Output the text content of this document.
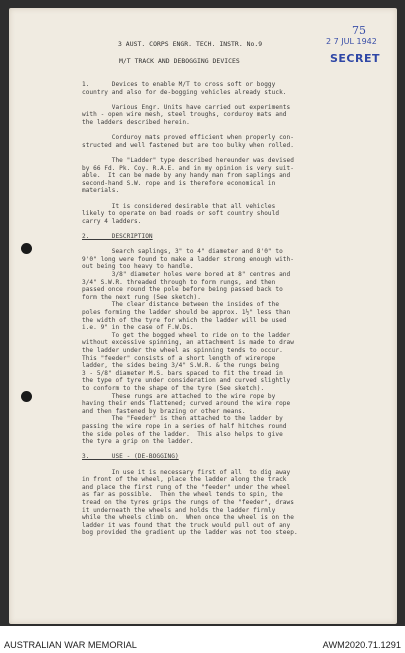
75
2 7 JUL 1942
SECRET
3 AUST. CORPS ENGR. TECH. INSTR. No.9
M/T TRACK AND DEBOGGING DEVICES
1.      Devices to enable M/T to cross soft or boggy
country and also for de-bogging vehicles already stuck.
Various Engr. Units have carried out experiments
with - open wire mesh, steel troughs, corduroy mats and
the ladders described herein.
Corduroy mats proved efficient when properly con-
structed and well fastened but are too bulky when rolled.
The "Ladder" type described hereunder was devised
by 66 Fd. Pk. Coy. R.A.E. and in my opinion is very suit-
able.  It can be made by any handy man from saplings and
second-hand S.W. rope and is therefore economical in
materials.
It is considered desirable that all vehicles
likely to operate on bad roads or soft country should
carry 4 ladders.
2.      DESCRIPTION
Search saplings, 3" to 4" diameter and 8'0" to
9'0" long were found to make a ladder strong enough with-
out being too heavy to handle.
3/8" diameter holes were bored at 8" centres and
3/4" S.W.R. threaded through to form rungs, and then
passed once round the pole before being passed back to
form the next rung (See sketch).
The clear distance between the insides of the
poles forming the ladder should be approx. 1½" less than
the width of the tyre for which the ladder will be used
i.e. 9" in the case of F.W.Ds.
To get the bogged wheel to ride on to the ladder
without excessive spinning, an attachment is made to draw
the ladder under the wheel as spinning tends to occur.
This "feeder" consists of a short length of wirerope
ladder, the sides being 3/4" S.W.R. & the rungs being
3 - 5/8" diameter M.S. bars spaced to fit the tread in
the type of tyre under consideration and curved slightly
to conform to the shape of the tyre (See sketch).
These rungs are attached to the wire rope by
having their ends flattened; curved around the wire rope
and then fastened by brazing or other means.
The "Feeder" is then attached to the ladder by
passing the wire rope in a series of half hitches round
the side poles of the ladder.  This also helps to give
the tyre a grip on the ladder.
3.      USE - (DE-BOGGING)
In use it is necessary first of all  to dig away
in front of the wheel, place the ladder along the track
and place the first rung of the "feeder" under the wheel
as far as possible.  Then the wheel tends to spin, the
tread on the tyres grips the rungs of the "feeder", draws
it underneath the wheels and holds the ladder firmly
while the wheels climb on.  When once the wheel is on the
ladder it was found that the truck would pull out of any
bog provided the gradient up the ladder was not too steep.
AUSTRALIAN WAR MEMORIAL	AWM2020.71.1291
